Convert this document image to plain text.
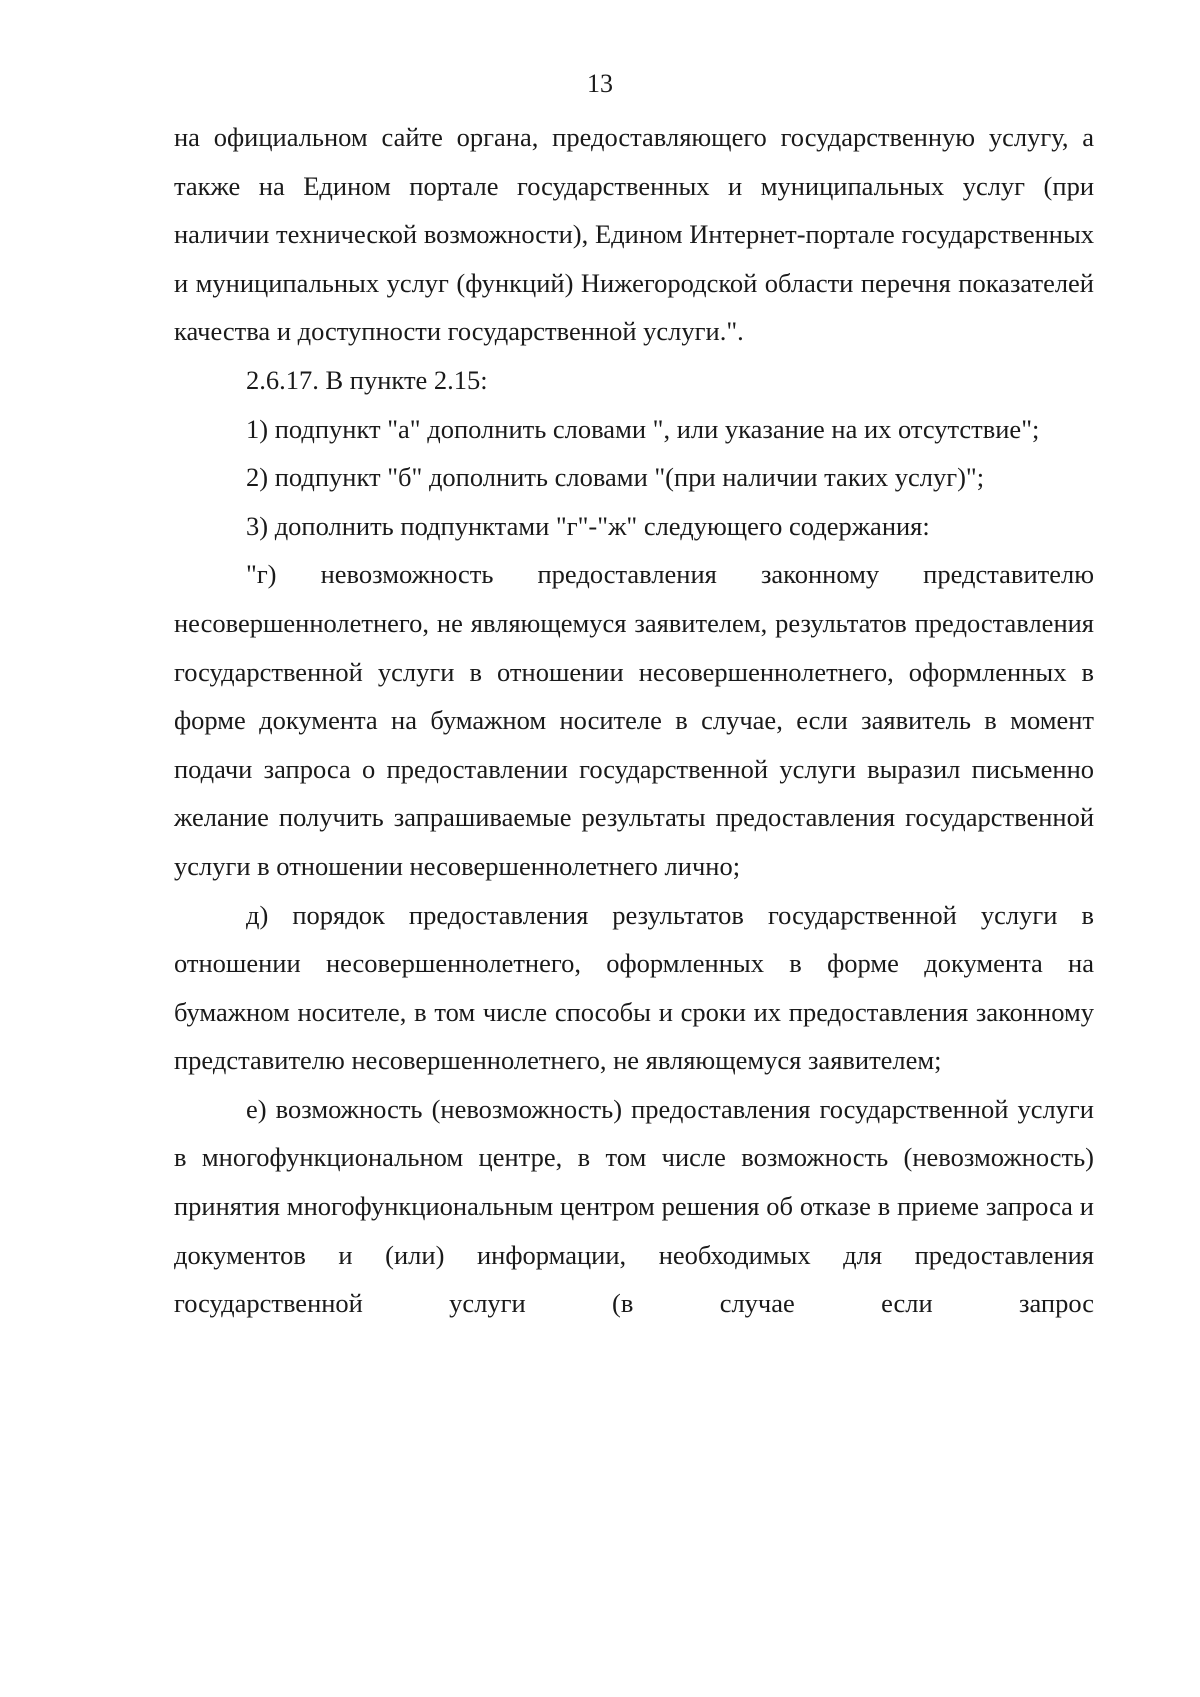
13

на официальном сайте органа, предоставляющего государственную услугу, а также на Едином портале государственных и муниципальных услуг (при наличии технической возможности), Едином Интернет-портале государственных и муниципальных услуг (функций) Нижегородской области перечня показателей качества и доступности государственной услуги.".

2.6.17. В пункте 2.15:

1) подпункт "а" дополнить словами ", или указание на их отсутствие";

2) подпункт "б" дополнить словами "(при наличии таких услуг)";

3) дополнить подпунктами "г"-"ж" следующего содержания:

"г) невозможность предоставления законному представителю несовершеннолетнего, не являющемуся заявителем, результатов предоставления государственной услуги в отношении несовершеннолетнего, оформленных в форме документа на бумажном носителе в случае, если заявитель в момент подачи запроса о предоставлении государственной услуги выразил письменно желание получить запрашиваемые результаты предоставления государственной услуги в отношении несовершеннолетнего лично;

д) порядок предоставления результатов государственной услуги в отношении несовершеннолетнего, оформленных в форме документа на бумажном носителе, в том числе способы и сроки их предоставления законному представителю несовершеннолетнего, не являющемуся заявителем;

е) возможность (невозможность) предоставления государственной услуги в многофункциональном центре, в том числе возможность (невозможность) принятия многофункциональным центром решения об отказе в приеме запроса и документов и (или) информации, необходимых для предоставления государственной услуги (в случае если запрос
